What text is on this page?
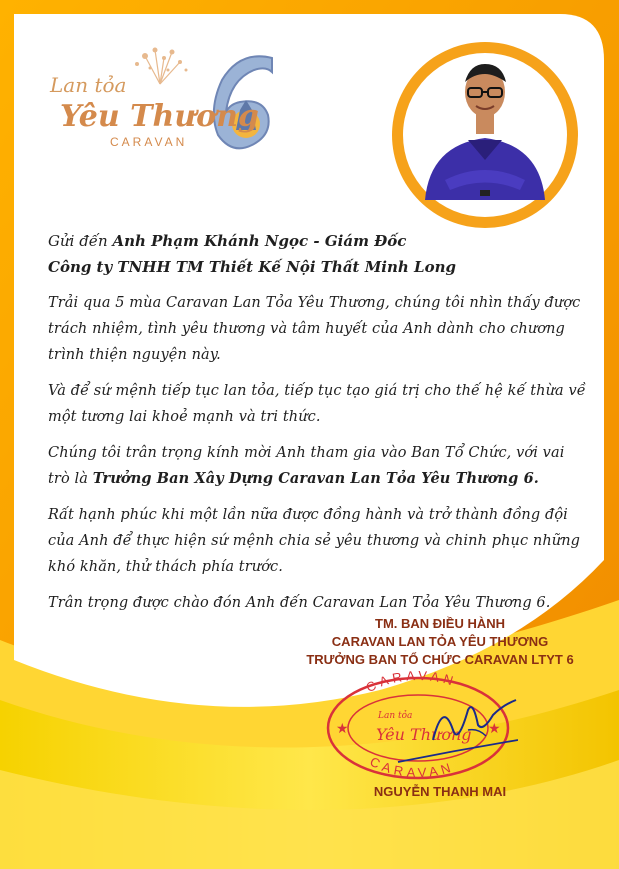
Lan tỏa
Yêu Thương
CARAVAN

Gửi đến Anh Phạm Khánh Ngọc - Giám Đốc

Công ty TNHH TM Thiết Kế Nội Thất Minh Long

Trải qua 5 mùa Caravan Lan Tỏa Yêu Thương, chúng tôi nhìn thấy được trách nhiệm, tình yêu thương và tâm huyết của Anh dành cho chương trình thiện nguyện này.

Và để sứ mệnh tiếp tục lan tỏa, tiếp tục tạo giá trị cho thế hệ kế thừa về một tương lai khoẻ mạnh và tri thức.

Chúng tôi trân trọng kính mời Anh tham gia vào Ban Tổ Chức, với vai trò là Trưởng Ban Xây Dựng Caravan Lan Tỏa Yêu Thương 6.

Rất hạnh phúc khi một lần nữa được đồng hành và trở thành đồng đội của Anh để thực hiện sứ mệnh chia sẻ yêu thương và chinh phục những khó khăn, thử thách phía trước.

Trân trọng được chào đón Anh đến Caravan Lan Tỏa Yêu Thương 6.

TM. BAN ĐIỀU HÀNH
CARAVAN LAN TỎA YÊU THƯƠNG
TRƯỞNG BAN TỔ CHỨC CARAVAN LTYT 6
CARAVAN
CARAVAN
★	★
Lan tỏa
Yêu Thương
NGUYỄN THANH MAI
